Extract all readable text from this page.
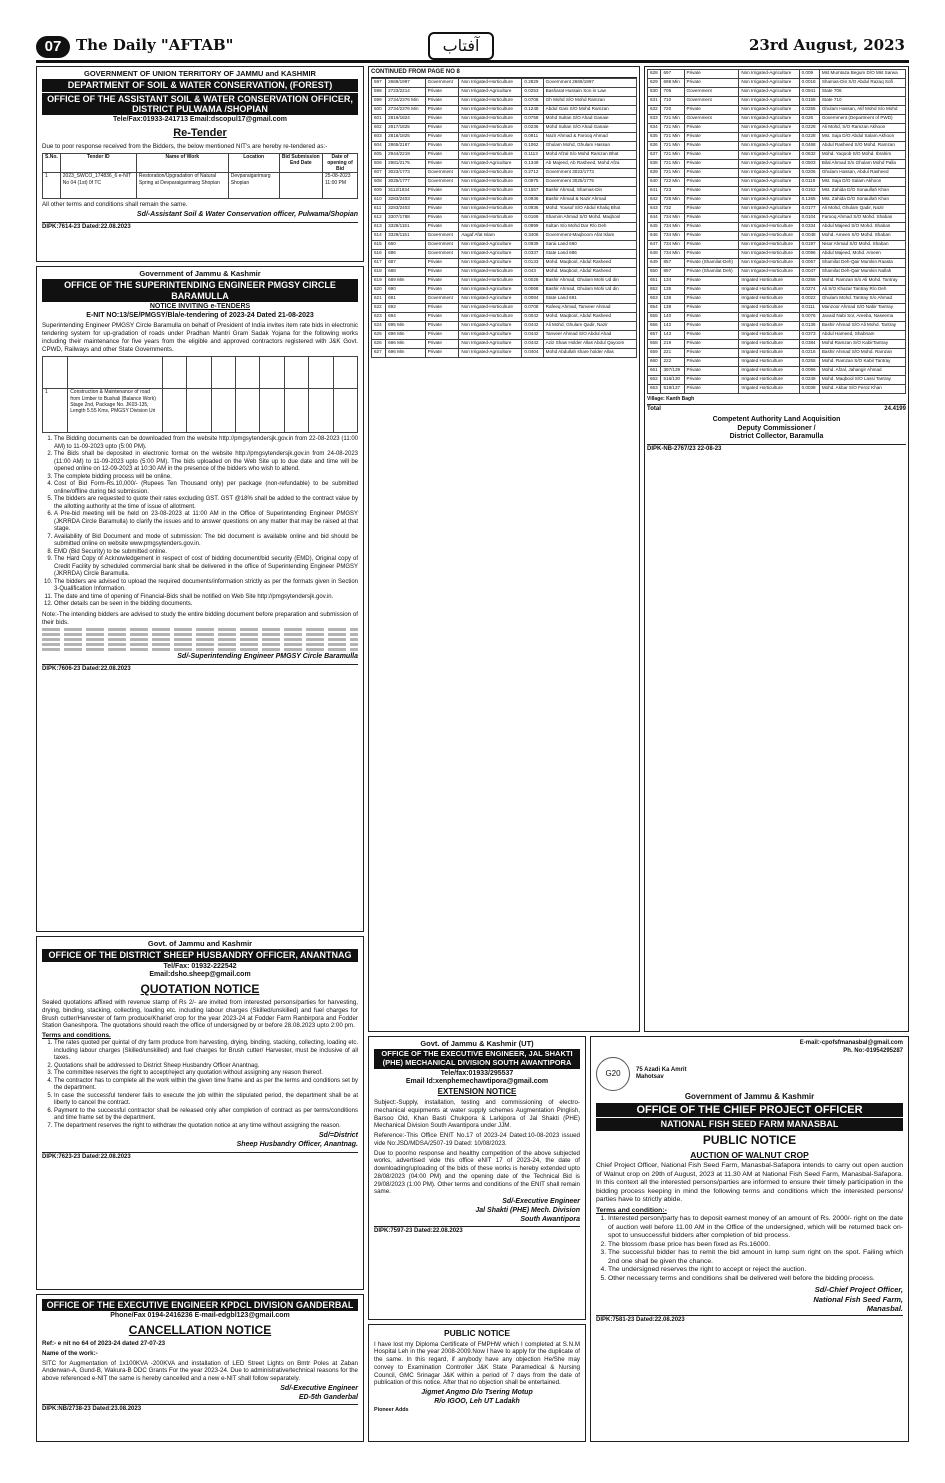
07 The Daily "AFTAB"	آفتاب	23rd August, 2023
GOVERNMENT OF UNION TERRITORY OF JAMMU and KASHMIR
DEPARTMENT OF SOIL & WATER CONSERVATION, (FOREST)
OFFICE OF THE ASSISTANT SOIL & WATER CONSERVATION OFFICER, DISTRICT PULWAMA /SHOPIAN
Tele/Fax:01933-241713 Email:dscopul17@gmail.com
Re-Tender
Due to poor response received from the Bidders, the below mentioned NIT's are hereby re-tendered as:-
S.No.	Tender ID	Name of Work	Location	Bid Submission End Date	Date of opening of Bid
1	2023_SWCO_174836_6 e-NIT No 04 (1st) 0f TC	Restoration/Upgradation of Natural Spring at Devparaigarimarg Shopian	Devparaigarimarg Shopian		25-08-2023 11:00 PM
All other terms and conditions shall remain the same.
Sd/-Assistant Soil & Water Conservation officer, Pulwama/Shopian
DIPK:7614-23 Dated:22.08.2023
Government of Jammu & Kashmir
OFFICE OF THE SUPERINTENDING ENGINEER PMGSY CIRCLE BARAMULLA
NOTICE INVITING e-TENDERS
E-NIT NO:13/SE/PMGSY/Bla/e-tendering of 2023-24 Dated 21-08-2023
Superintending Engineer PMGSY Circle Baramulla on behalf of President of India invites item rate bids in electronic tendering system for up-gradation of roads under Pradhan Mantri Gram Sadak Yojana for the following works including their maintenance for five years from the eligible and approved contractors registered with J&K Govt. CPWD, Railways and other State Governments.

1	Construction & Maintenance of road from Limber to Bushali (Balance Work) Stage 2nd, Package No. JK03-135, Length 5.55 Kms, PMGSY Division Uri								
1. The Bidding documents can be downloaded from the website http://pmgsytendersjk.gov.in from 22-08-2023 (11:00 AM) to 11-09-2023 upto (5:00 PM).
2. The Bids shall be deposited in electronic format on the website http://pmgsytendersjk.gov.in from 24-08-2023 (11:00 AM) to 11-09-2023 upto (5:00 PM). The bids uploaded on the Web Site up to due date and time will be opened online on 12-09-2023 at 10:30 AM in the presence of the bidders who wish to attend.
3. The complete bidding process will be online.
4. Cost of Bid Form-Rs.10,000/- (Rupees Ten Thousand only) per package (non-refundable) to be submitted online/offline during bid submission.
5. The bidders are requested to quote their rates excluding GST. GST @18% shall be added to the contract value by the allotting authority at the time of issue of allotment.
6. A Pre-bid meeting will be held on 23-08-2023 at 11:00 AM in the Office of Superintending Engineer PMGSY (JKRRDA Circle Baramulla) to clarify the issues and to answer questions on any matter that may be raised at that stage.
7. Availability of Bid Document and mode of submission: The bid document is available online and bid should be submitted online on website www.pmgsytenders.gov.in.
8. EMD (Bid Security) to be submitted online.
9. The Hard Copy of Acknowledgement in respect of cost of bidding document/bid security (EMD), Original copy of Credit Facility by scheduled commercial bank shall be delivered in the office of Superintending Engineer PMGSY (JKRRDA) Circle Baramulla.
10. The bidders are advised to upload the required documents/information strictly as per the formats given in Section 3-Qualification Information.
11. The date and time of opening of Financial-Bids shall be notified on Web Site http://pmgsytendersjk.gov.in.
12. Other details can be seen in the bidding documents.
Note:-The intending bidders are advised to study the entire bidding document before preparation and submission of their bids.
Sd/-Superintending Engineer PMGSY Circle Baramulla
DIPK:7606-23 Dated:22.08.2023
Govt. of Jammu and Kashmir
OFFICE OF THE DISTRICT SHEEP HUSBANDRY OFFICER, ANANTNAG
Tel/Fax: 01932-222542
Email:dsho.sheep@gmail.com
QUOTATION NOTICE
Sealed quotations affixed with revenue stamp of Rs 2/- are invited from interested persons/parties for harvesting, drying, binding, stacking, collecting, loading etc. including labour charges (Skilled/unskilled) and fuel charges for Brush cutter/Harvester of farm produce/Kharief crop for the year 2023-24 at Fodder Farm Ranbirpora and Fodder Station Ganeshpora. The quotations should reach the office of undersigned by or before 28.08.2023 upto 2:00 pm.
Terms and conditions.
1. The rates quoted per quintal of dry farm produce from harvesting, drying, binding, stacking, collecting, loading etc. including labour charges (Skilled/unskilled) and fuel charges for Brush cutter/ Harvester, must be inclusive of all taxes.
2. Quotations shall be addressed to District Sheep Husbandry Officer Anantnag.
3. The committee reserves the right to accept/reject any quotation without assigning any reason thereof.
4. The contractor has to complete all the work within the given time frame and as per the terms and conditions set by the department.
5. In case the successful tenderer fails to execute the job within the stipulated period, the department shall be at liberty to cancel the contract.
6. Payment to the successful contractor shall be released only after completion of contract as per terms/conditions and time frame set by the department.
7. The department reserves the right to withdraw the quotation notice at any time without assigning the reason.
Sd/=District
Sheep Husbandry Officer, Anantnag.
DIPK:7623-23 Dated:22.08.2023
OFFICE OF THE EXECUTIVE ENGINEER KPDCL DIVISION GANDERBAL
Phone/Fax 0194-2416236 E-mail-edgbl123@gmail.com
CANCELLATION NOTICE
Ref:- e nit no 64 of 2023-24 dated 27-07-23
Name of the work:-
SITC for Augmentation of 1x100KVA -200KVA and installation of LED Street Lights on Bmtr Poles at Zaban Anderwan-A, Gund-B, Wakura-B DDC Grants For the year 2023-24. Due to administrative/technical reasons for the above referenced e-NIT the same is hereby cancelled and a new e-NIT shall follow separately.
Sd/-Executive Engineer
ED-5th Ganderbal
DIPK:NB/2738-23 Dated:23.08.2023
CONTINUED FROM PAGE NO 8
597	2669/1997	Government	Non Irrigated-Horticulture	0.2829	Government 2669/1997
598	2723/2214	Private	Non Irrigated-Agriculture	0.0253	Basharat Hussain Son in Law
599	2734/2376 Min	Private	Non Irrigated-Horticulture	0.0708	Gh Mohd S/O Mohd Ramzan
600	2734/2376 Min	Private	Non Irrigated-Horticulture	0.1248	Abdul Gani S/O Mohd Ramzan
601	2816/1824	Private	Non Irrigated-Horticulture	0.0758	Mohd Sultan S/O Ahad Ganaie
602	2817/1825	Private	Non Irrigated-Horticulture	0.0236	Mohd Sultan S/O Ahad Ganaie
603	2818/1825	Private	Non Irrigated-Horticulture	0.0911	Nazir Ahmad & Farooq Ahmad
604	2865/2167	Private	Non Irrigated-Horticulture	0.1062	Ghulam Mohd, Ghulam Hassan
605	2944/2219	Private	Non Irrigated-Horticulture	0.1113	Mohd Afzal S/o Mohd Ramzan Bhat
606	2981/2175	Private	Non Irrigated-Agriculture	0.1349	Ab Majeed, Ab Rasheed, Mohd Afza
607	3023/1773	Government	Non Irrigated-Horticulture	0.2712	Government 3023/1773
608	3025/1777	Government	Non Irrigated-Horticulture	0.0975	Government 3025/1775
609	3112/1834	Private	Non Irrigated-Horticulture	0.1557	Bashir Ahmad, Shamas-Din
610	3283/2403	Private	Non Irrigated-Horticulture	0.0936	Bashir Ahmad & Nazir Ahmad
611	3283/2403	Private	Non Irrigated-Horticulture	0.0936	Mohd. Yousuf S/O Abdul Khaliq Bhat
612	3307/1788	Private	Non Irrigated-Horticulture	0.0169	Shamim Ahmad S/O Mohd. Maqbool
613	3328/1151	Private	Non Irrigated-Horticulture	0.0899	Sultan S/o Mohd Dar R/o Deh
614	3329/1151	Government	Aagaf Afat Islam	0.3406	Government-Maqboom Afat Islam
615	660	Government	Non Irrigated-Agriculture	0.0939	Sarai Land 660
616	686	Government	Non Irrigated-Agriculture	0.0337	State Land 686
617	687	Private	Non Irrigated-Agriculture	0.0133	Mohd. Maqbool, Abdul Rasheed
618	688	Private	Non Irrigated-Horticulture	0.043	Mohd. Maqbool, Abdul Rasheed
619	689 Min	Private	Non Irrigated-Horticulture	0.0028	Bashir Ahmad, Ghulam Mohi Ud din
620	690	Private	Non Irrigated-Agriculture	0.0068	Bashir Ahmad, Ghulam Mohi Ud din
621	691	Government	Non Irrigated-Agriculture	0.0084	State Land 691
622	692	Private	Non Irrigated-Horticulture	0.0708	Rafeeq Ahmad, Tanveer Ahmad
623	694	Private	Non Irrigated-Horticulture	0.0042	Mohd. Maqbool, Abdul Rasheed
624	695 Min	Private	Non Irrigated-Agriculture	0.0442	Ali Mohd, Ghulam Qadir, Nazir
625	696 Min	Private	Non Irrigated-Agriculture	0.0442	Tanveer Ahmad S/O Abdul Ahad
626	696 Min	Private	Non Irrigated-Agriculture	0.0442	Aziz Shaw Holder Allas Abdul Qayoom
627	696 Min	Private	Non Irrigated-Agriculture	0.0404	Mohd Abdullah share holder Allas
628	697	Private	Non Irrigated-Agriculture	0.009	Mst Mumtaza Begum D/O Mst Sarwa
629	698 Min	Private	Non Irrigated-Agriculture	0.0018	Shamas-Din S/O Abdul Razaq Sofi
630	706	Government	Non Irrigated-Agriculture	0.0941	State 706
631	710	Government	Non Irrigated-Agriculture	0.0158	State 710
632	720	Private	Non Irrigated-Agriculture	0.0255	Ghulam Hassan, Atif Mohd S/o Mohd
633	721 Min	Government	Non Irrigated-Agriculture	0.026	Government (Department of PWD)
634	721 Min	Private	Non Irrigated-Agriculture	0.0228	Ali Mohd, S/O Ramzan Akhoon
635	721 Min	Private	Non Irrigated-Agriculture	0.0228	Mst. Saja D/O Abdul Salam Akhoon
636	721 Min	Private	Non Irrigated-Agriculture	0.0468	Abdul Rasheed S/O Mohd. Ramzan
637	721 Min	Private	Non Irrigated-Agriculture	0.0632	Mohd. Yaqoob S/O Mohd. Ibrahim
638	721 Min	Private	Non Irrigated-Agriculture	0.0503	Bilal Ahmad S/o Ghulam Mohd Palla
639	721 Min	Private	Non Irrigated-Agriculture	0.0206	Ghulam Hassan, Abdul Rasheed
640	722 Min	Private	Non Irrigated-Agriculture	0.0118	Mst. Saja D/O Salam Akhoon
641	723	Private	Non Irrigated-Agriculture	0.0152	Mst. Zahida D/O Sonaullah Khan
642	725 Min	Private	Non Irrigated-Agriculture	0.1265	Mst. Zahida D/O Sonaullah Khan
643	732	Private	Non Irrigated-Agriculture	0.0177	Ali Mohd, Ghulam Qadir, Nazir
644	734 Min	Private	Non Irrigated-Agriculture	0.0104	Farooq Ahmad S/O Mohd. Shaban
645	734 Min	Private	Non Irrigated-Horticulture	0.0334	Abdul Majeed S/O Mohd. Shaban
646	734 Min	Private	Non Irrigated-Horticulture	0.0048	Mohd. Ameen S/O Mohd. Shaban
647	734 Min	Private	Non Irrigated-Horticulture	0.0197	Nisar Ahmad S/O Mohd. Shaban
648	734 Min	Private	Non Irrigated-Horticulture	0.0096	Abdul Majeed, Mohd. Ameen
649	857	Private (Shamilat-Deh)	Non Irrigated-Horticulture	0.0067	Shamilat Deh-Qair Mumkin Raasta
650	897	Private (Shamilat Deh)	Non Irrigated-Horticulture	0.0047	Shamilat Deh-Qair Mumkin Nallah
651	134	Private	Irrigated Horticulture	0.0256	Mohd. Ramzan S/o Ali Mohd. Tantray
652	135	Private	Irrigated Horticulture	0.0274	Ali S/O Khazar Tantray R/o Deh
653	136	Private	Irrigated Horticulture	0.0022	Ghulam Mohd. Tantray S/o Ahmad
654	138	Private	Irrigated Horticulture	0.0111	Manzoor Ahmad S/O Nabir Tantray
655	140	Private	Irrigated Horticulture	0.0076	Javaid Nabi Sor, Areeba, Naseema
656	142	Private	Irrigated Horticulture	0.0136	Bashir Ahmad S/O Ali Mohd. Tantray
657	143	Private	Irrigated Horticulture	0.0373	Abdul Hameed, Shabnam
658	219	Private	Irrigated Horticulture	0.0384	Mohd Ramzan S/O KabirTantray
659	221	Private	Irrigated Horticulture	0.0216	Bashir Ahmad S/O Mohd. Ramzan
660	222	Private	Irrigated Horticulture	0.0255	Mohd. Ramzan S/O Kabir Tantray
661	397/139	Private	Irrigated Horticulture	0.0096	Mohd. Afzal, Jahangir Ahmad
662	516/130	Private	Irrigated Horticulture	0.0248	Mohd. Maqbool S/O Lassi Tantray
663	519/137	Private	Irrigated Horticulture	0.0038	Mohd. Akbar S/O Feroz Khan
Village: Kanth Bagh
Total	24.4199
Competent Authority Land Acquisition
Deputy Commissioner /
District Collector, Baramulla
DIPK-NB-2767/23 22-08-23
Govt. of Jammu & Kashmir (UT)
OFFICE OF THE EXECUTIVE ENGINEER, JAL SHAKTI (PHE) MECHANICAL DIVISION SOUTH AWANTIPORA
Tele/fax:01933/295537
Email Id:xenphemechawtipora@gmail.com
EXTENSION NOTICE
Subject:-Supply, installation, testing and commissioning of electro-mechanical equipments at water supply schemes Augmentation Pinglish, Barsoo Old, Khan Basti Chukpora & Larkipora of Jal Shakti (PHE) Mechanical Division South Awantipora under JJM.
Reference:-This Office ENIT No.17 of 2023-24 Dated:10-08-2023 issued vide No:JSD/MDSA/2507-19 Dated: 10/08/2023.
Due to poor/no response and healthy competition of the above subjected works, advertised vide this office eNIT 17 of 2023-24, the date of downloading/uploading of the bids of these works is hereby extended upto 28/08/2023 (04:00 PM) and the opening date of the Technical Bid is 29/08/2023 (1:00 PM). Other terms and conditions of the ENIT shall remain same.
Sd/-Executive Engineer
Jal Shakti (PHE) Mech. Division
South Awantipora
DIPK:7597-23 Dated:22.08.2023
PUBLIC NOTICE
I have lost my Diploma Certificate of FMPHW which I completed at S.N.M Hospital Leh in the year 2008-2009.Now I have to apply for the duplicate of the same. In this regard, if anybody have any objection He/She may convey to Examination Controller J&K State Paramedical & Nursing Council, GMC Srinagar J&K within a period of 7 days from the date of publication of this notice. After that no objection shall be entertained.
Jigmet Angmo D/o Tsering Motup
R/o IGOO, Leh UT Ladakh
Pioneer Adds
E-mail:-cpofsfmanasbal@gmail.com
Ph. No:-01954295287
G20	75 Azadi Ka Amrit Mahotsav
Government of Jammu & Kashmir
OFFICE OF THE CHIEF PROJECT OFFICER
NATIONAL FISH SEED FARM MANASBAL
PUBLIC NOTICE
AUCTION OF WALNUT CROP
Chief Project Officer, National Fish Seed Farm, Manasbal-Safapora intends to carry out open auction of Walnut crop on 29th of August, 2023 at 11.30 AM at National Fish Seed Farm, Manasbal-Safapora. In this context all the interested persons/parties are informed to ensure their timely participation in the bidding process keeping in mind the following terms and conditions which the interested persons/ parties have to strictly abide.
Terms and condition:-
1. Interested person/party has to deposit earnest money of an amount of Rs. 2000/- right on the date of auction well before 11.00 AM in the Office of the undersigned, which will be returned back on-spot to unsuccessful bidders after completion of bid process.
2. The blossom /base price has been fixed as Rs.16000.
3. The successful bidder has to remit the bid amount in lump sum right on the spot. Failing which 2nd one shall be given the chance.
4. The undersigned reserves the right to accept or reject the auction.
5. Other necessary terms and conditions shall be delivered well before the bidding process.
Sd/-Chief Project Officer,
National Fish Seed Farm,
Manasbal.
DIPK:7581-23 Dated:22.08.2023
